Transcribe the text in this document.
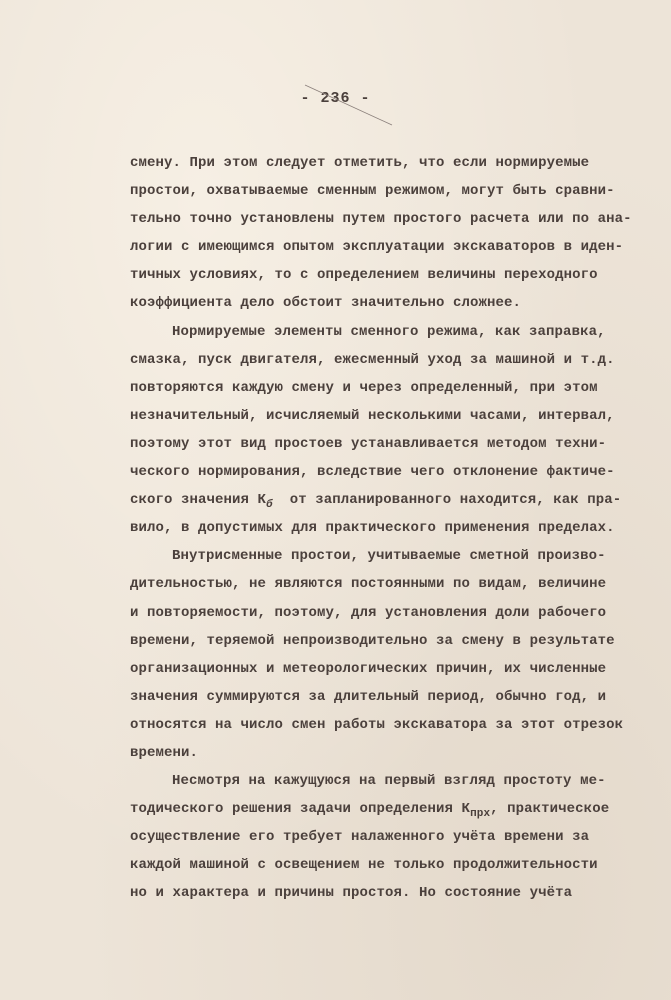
- 236 -
смену. При этом следует отметить, что если нормируемые
простои, охватываемые сменным режимом, могут быть сравни-
тельно точно установлены путем простого расчета или по ана-
логии с имеющимся опытом эксплуатации экскаваторов в иден-
тичных условиях, то с определением величины переходного
коэффициента дело обстоит значительно сложнее.
Нормируемые элементы сменного режима, как заправка,
смазка, пуск двигателя, ежесменный уход за машиной и т.д.
повторяются каждую смену и через определенный, при этом
незначительный, исчисляемый несколькими часами, интервал,
поэтому этот вид простоев устанавливается методом техни-
ческого нормирования, вследствие чего отклонение фактиче-
ского значения $К_б$  от запланированного находится, как пра-
вило, в допустимых для практического применения пределах.
Внутрисменные простои, учитываемые сметной произво-
дительностью, не являются постоянными по видам, величине
и повторяемости, поэтому, для установления доли рабочего
времени, теряемой непроизводительно за смену в результате
организационных и метеорологических причин, их численные
значения суммируются за длительный период, обычно год, и
относятся на число смен работы экскаватора за этот отрезок
времени.
Несмотря на кажущуюся на первый взгляд простоту ме-
тодического решения задачи определения $К_{прх}$, практическое
осуществление его требует налаженного учёта времени за
каждой машиной с освещением не только продолжительности
но и характера и причины простоя. Но состояние учёта
